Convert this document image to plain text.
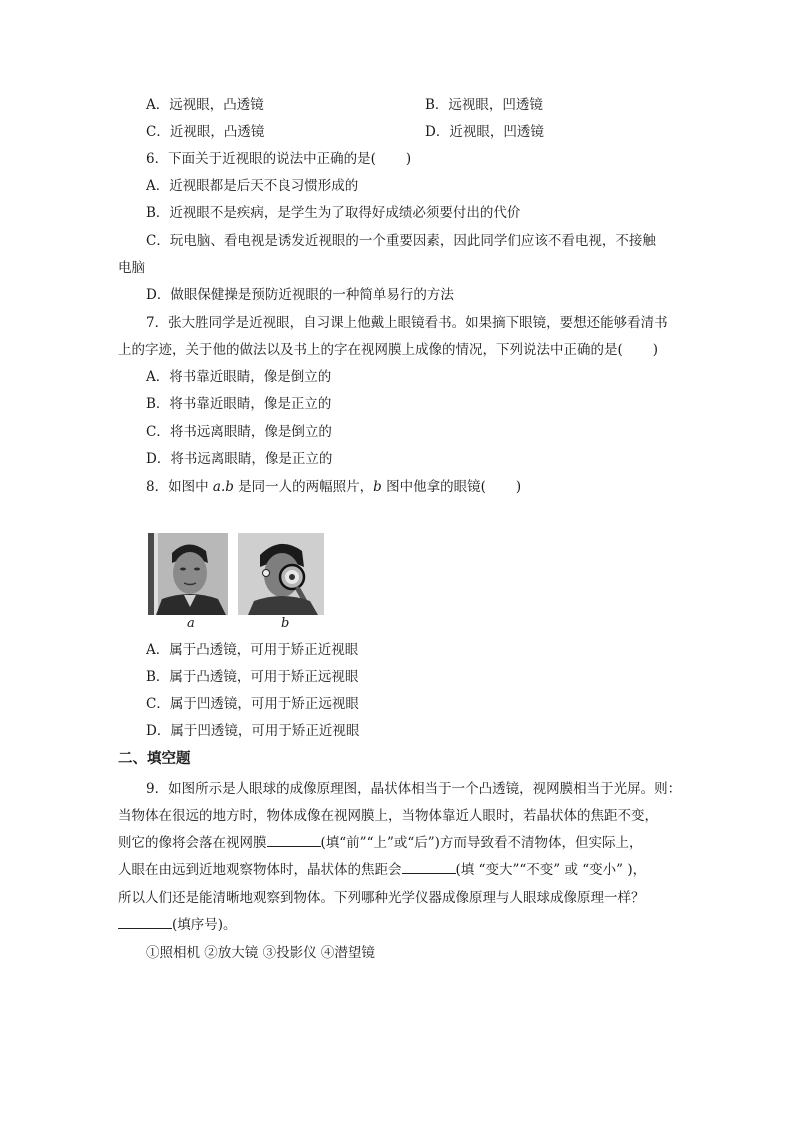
A．远视眼，凸透镜	B．远视眼，凹透镜
C．近视眼，凸透镜	D．近视眼，凹透镜
6．下面关于近视眼的说法中正确的是( )
A．近视眼都是后天不良习惯形成的
B．近视眼不是疾病，是学生为了取得好成绩必须要付出的代价
C．玩电脑、看电视是诱发近视眼的一个重要因素，因此同学们应该不看电视，不接触
电脑
D．做眼保健操是预防近视眼的一种简单易行的方法
7．张大胜同学是近视眼，自习课上他戴上眼镜看书。如果摘下眼镜，要想还能够看清书
上的字迹，关于他的做法以及书上的字在视网膜上成像的情况，下列说法中正确的是( )
A．将书靠近眼睛，像是倒立的
B．将书靠近眼睛，像是正立的
C．将书远离眼睛，像是倒立的
D．将书远离眼睛，像是正立的
8．如图中 a.b 是同一人的两幅照片，b 图中他拿的眼镜( )
a	b
A．属于凸透镜，可用于矫正近视眼
B．属于凸透镜，可用于矫正远视眼
C．属于凹透镜，可用于矫正远视眼
D．属于凹透镜，可用于矫正近视眼
二、填空题
9．如图所示是人眼球的成像原理图，晶状体相当于一个凸透镜，视网膜相当于光屏。则：
当物体在很远的地方时，物体成像在视网膜上，当物体靠近人眼时，若晶状体的焦距不变，
则它的像将会落在视网膜	(填“前”“上”或“后”)方而导致看不清物体，但实际上，
人眼在由远到近地观察物体时，晶状体的焦距会	(填 “变大”“不变” 或 “变小” )，
所以人们还是能清晰地观察到物体。下列哪种光学仪器成像原理与人眼球成像原理一样？
(填序号)。
①照相机 ②放大镜 ③投影仪 ④潜望镜
